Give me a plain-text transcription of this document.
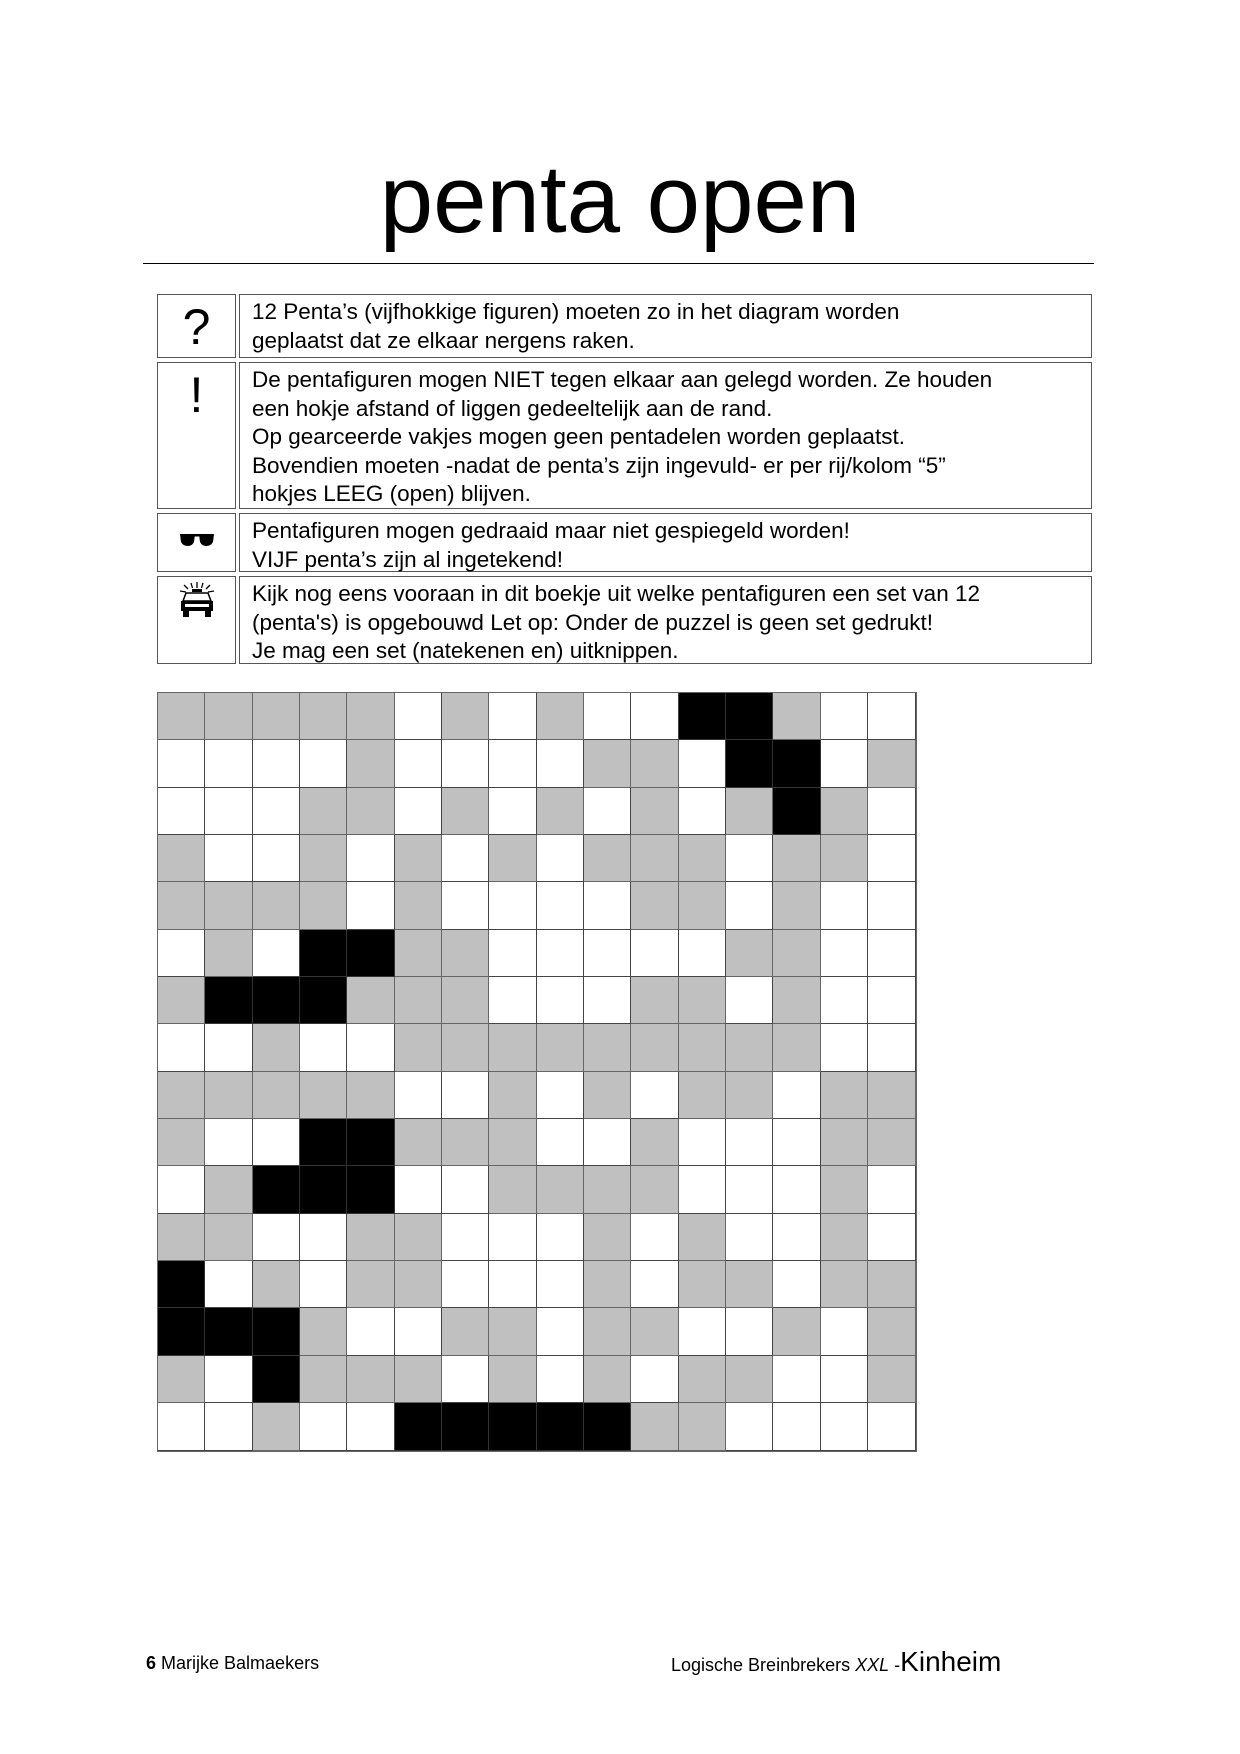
penta open
? 12 Penta’s (vijfhokkige figuren) moeten zo in het diagram worden
geplaatst dat ze elkaar nergens raken.
! De pentafiguren mogen NIET tegen elkaar aan gelegd worden. Ze houden
een hokje afstand of liggen gedeeltelijk aan de rand.
Op gearceerde vakjes mogen geen pentadelen worden geplaatst.
Bovendien moeten -nadat de penta’s zijn ingevuld- er per rij/kolom “5”
hokjes LEEG (open) blijven.
Pentafiguren mogen gedraaid maar niet gespiegeld worden!
VIJF penta’s zijn al ingetekend!
Kijk nog eens vooraan in dit boekje uit welke pentafiguren een set van 12
(penta's) is opgebouwd Let op: Onder de puzzel is geen set gedrukt!
Je mag een set (natekenen en) uitknippen.
6 Marijke Balmaekers	Logische Breinbrekers XXL -Kinheim
